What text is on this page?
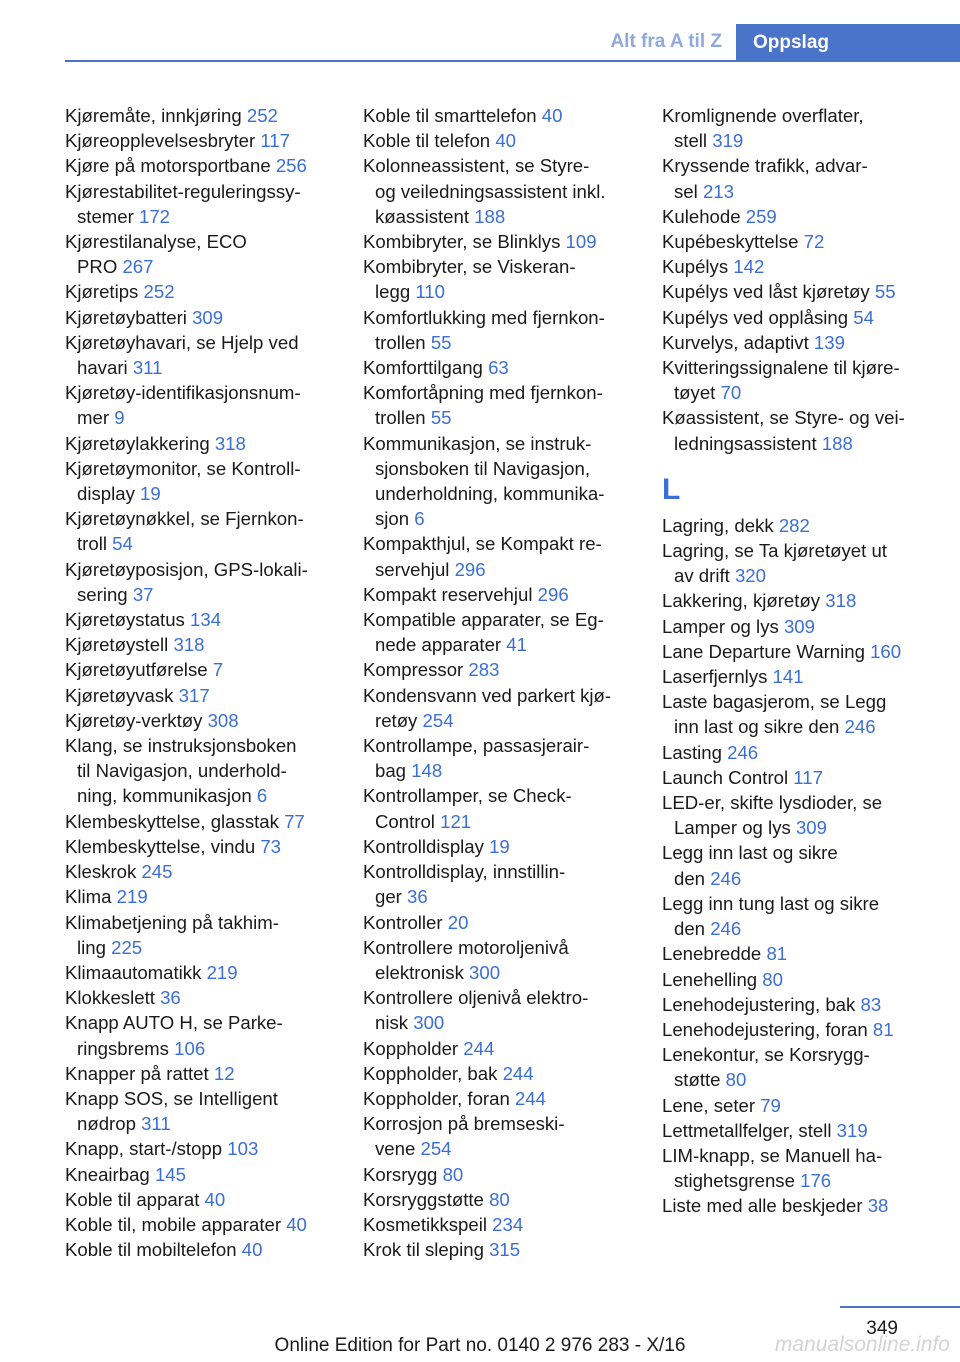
Alt fra A til Z	Oppslag
Kjøremåte, innkjøring 252
Kjøreopplevelsesbryter 117
Kjøre på motorsportbane 256
Kjørestabilitet-reguleringssy-
stemer 172
Kjørestilanalyse, ECO
PRO 267
Kjøretips 252
Kjøretøybatteri 309
Kjøretøyhavari, se Hjelp ved
havari 311
Kjøretøy-identifikasjonsnum-
mer 9
Kjøretøylakkering 318
Kjøretøymonitor, se Kontroll-
display 19
Kjøretøynøkkel, se Fjernkon-
troll 54
Kjøretøyposisjon, GPS-lokali-
sering 37
Kjøretøystatus 134
Kjøretøystell 318
Kjøretøyutførelse 7
Kjøretøyvask 317
Kjøretøy-verktøy 308
Klang, se instruksjonsboken
til Navigasjon, underhold-
ning, kommunikasjon 6
Klembeskyttelse, glasstak 77
Klembeskyttelse, vindu 73
Kleskrok 245
Klima 219
Klimabetjening på takhim-
ling 225
Klimaautomatikk 219
Klokkeslett 36
Knapp AUTO H, se Parke-
ringsbrems 106
Knapper på rattet 12
Knapp SOS, se Intelligent
nødrop 311
Knapp, start-/stopp 103
Kneairbag 145
Koble til apparat 40
Koble til, mobile apparater 40
Koble til mobiltelefon 40
Koble til smarttelefon 40
Koble til telefon 40
Kolonneassistent, se Styre-
og veiledningsassistent inkl.
køassistent 188
Kombibryter, se Blinklys 109
Kombibryter, se Viskeran-
legg 110
Komfortlukking med fjernkon-
trollen 55
Komforttilgang 63
Komfortåpning med fjernkon-
trollen 55
Kommunikasjon, se instruk-
sjonsboken til Navigasjon,
underholdning, kommunika-
sjon 6
Kompakthjul, se Kompakt re-
servehjul 296
Kompakt reservehjul 296
Kompatible apparater, se Eg-
nede apparater 41
Kompressor 283
Kondensvann ved parkert kjø-
retøy 254
Kontrollampe, passasjerair-
bag 148
Kontrollamper, se Check-
Control 121
Kontrolldisplay 19
Kontrolldisplay, innstillin-
ger 36
Kontroller 20
Kontrollere motoroljenivå
elektronisk 300
Kontrollere oljenivå elektro-
nisk 300
Koppholder 244
Koppholder, bak 244
Koppholder, foran 244
Korrosjon på bremseski-
vene 254
Korsrygg 80
Korsryggstøtte 80
Kosmetikkspeil 234
Krok til sleping 315
Kromlignende overflater,
stell 319
Kryssende trafikk, advar-
sel 213
Kulehode 259
Kupébeskyttelse 72
Kupélys 142
Kupélys ved låst kjøretøy 55
Kupélys ved opplåsing 54
Kurvelys, adaptivt 139
Kvitteringssignalene til kjøre-
tøyet 70
Køassistent, se Styre- og vei-
ledningsassistent 188
L
Lagring, dekk 282
Lagring, se Ta kjøretøyet ut
av drift 320
Lakkering, kjøretøy 318
Lamper og lys 309
Lane Departure Warning 160
Laserfjernlys 141
Laste bagasjerom, se Legg
inn last og sikre den 246
Lasting 246
Launch Control 117
LED-er, skifte lysdioder, se
Lamper og lys 309
Legg inn last og sikre
den 246
Legg inn tung last og sikre
den 246
Lenebredde 81
Lenehelling 80
Lenehodejustering, bak 83
Lenehodejustering, foran 81
Lenekontur, se Korsrygg-
støtte 80
Lene, seter 79
Lettmetallfelger, stell 319
LIM-knapp, se Manuell ha-
stighetsgrense 176
Liste med alle beskjeder 38
349
Online Edition for Part no. 0140 2 976 283 - X/16	manualsonline.info
